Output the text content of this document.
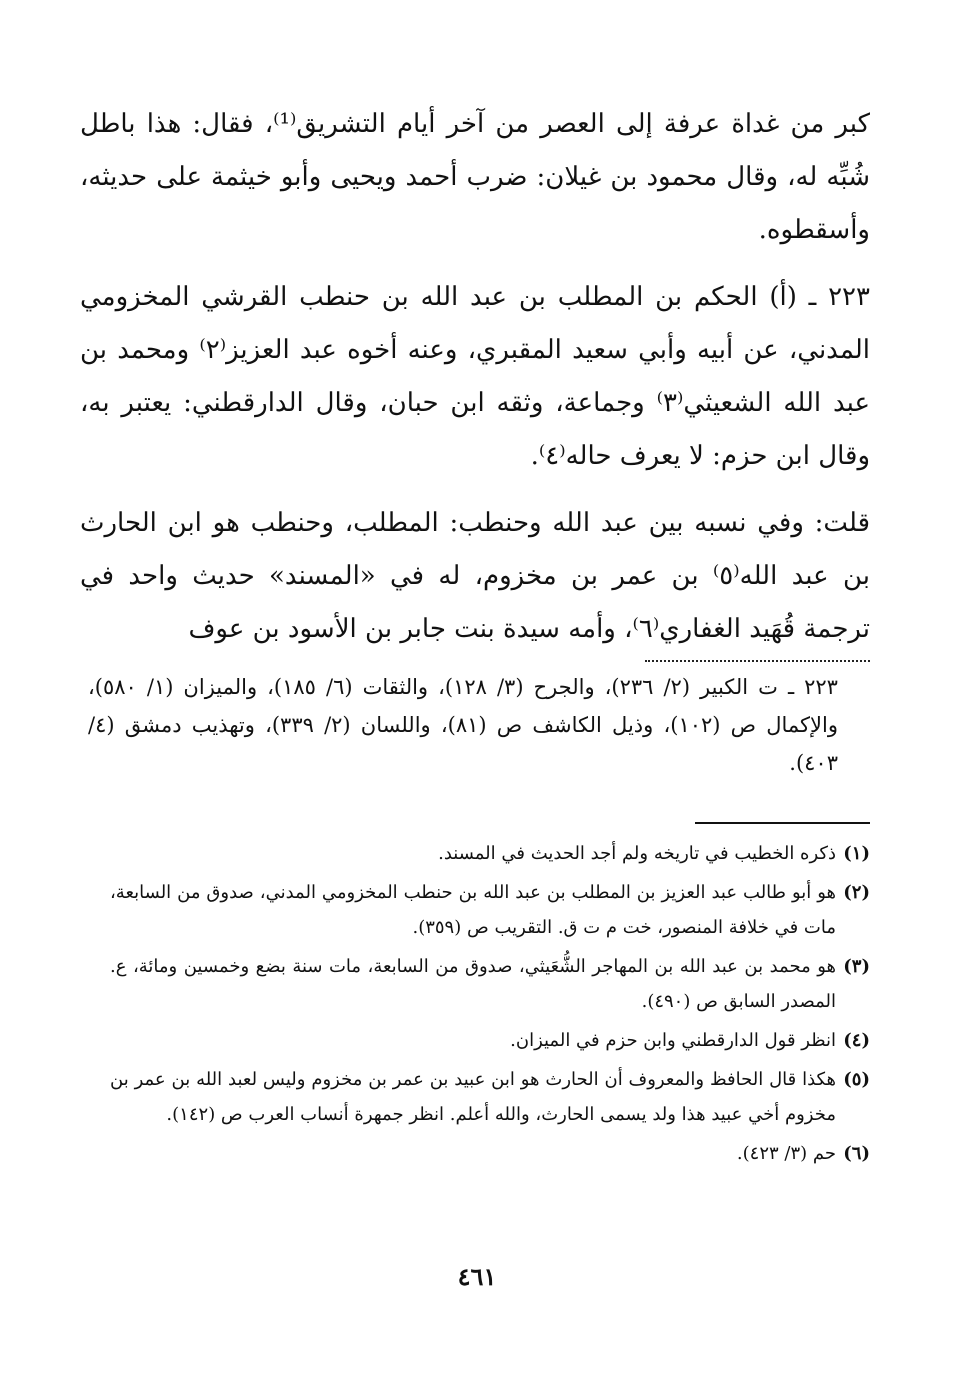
كبر من غداة عرفة إلى العصر من آخر أيام التشريق⁽¹⁾، فقال: هذا باطل شُبِّه له، وقال محمود بن غيلان: ضرب أحمد ويحيى وأبو خيثمة على حديثه، وأسقطوه.

٢٢٣ ـ (أ) الحكم بن المطلب بن عبد الله بن حنطب القرشي المخزومي المدني، عن أبيه وأبي سعيد المقبري، وعنه أخوه عبد العزيز⁽٢⁾ ومحمد بن عبد الله الشعيثي⁽٣⁾ وجماعة، وثقه ابن حبان، وقال الدارقطني: يعتبر به، وقال ابن حزم: لا يعرف حاله⁽٤⁾.

قلت: وفي نسبه بين عبد الله وحنطب: المطلب، وحنطب هو ابن الحارث بن عبد الله⁽٥⁾ بن عمر بن مخزوم، له في «المسند» حديث واحد في ترجمة قُهَيد الغفاري⁽٦⁾، وأمه سيدة بنت جابر بن الأسود بن عوف

٢٢٣ ـ ت الكبير (٢/ ٢٣٦)، والجرح (٣/ ١٢٨)، والثقات (٦/ ١٨٥)، والميزان (١/ ٥٨٠)، والإكمال ص (١٠٢)، وذيل الكاشف ص (٨١)، واللسان (٢/ ٣٣٩)، وتهذيب دمشق (٤/ ٤٠٣).

(١)
ذكره الخطيب في تاريخه ولم أجد الحديث في المسند.
(٢)
هو أبو طالب عبد العزيز بن المطلب بن عبد الله بن حنطب المخزومي المدني، صدوق من السابعة، مات في خلافة المنصور، خت م ت ق. التقريب ص (٣٥٩).
(٣)
هو محمد بن عبد الله بن المهاجر الشُّعَيثي، صدوق من السابعة، مات سنة بضع وخمسين ومائة، ع. المصدر السابق ص (٤٩٠).
(٤)
انظر قول الدارقطني وابن حزم في الميزان.
(٥)
هكذا قال الحافظ والمعروف أن الحارث هو ابن عبيد بن عمر بن مخزوم وليس لعبد الله بن عمر بن مخزوم أخي عبيد هذا ولد يسمى الحارث، والله أعلم. انظر جمهرة أنساب العرب ص (١٤٢).
(٦)
حم (٣/ ٤٢٣).
٤٦١
